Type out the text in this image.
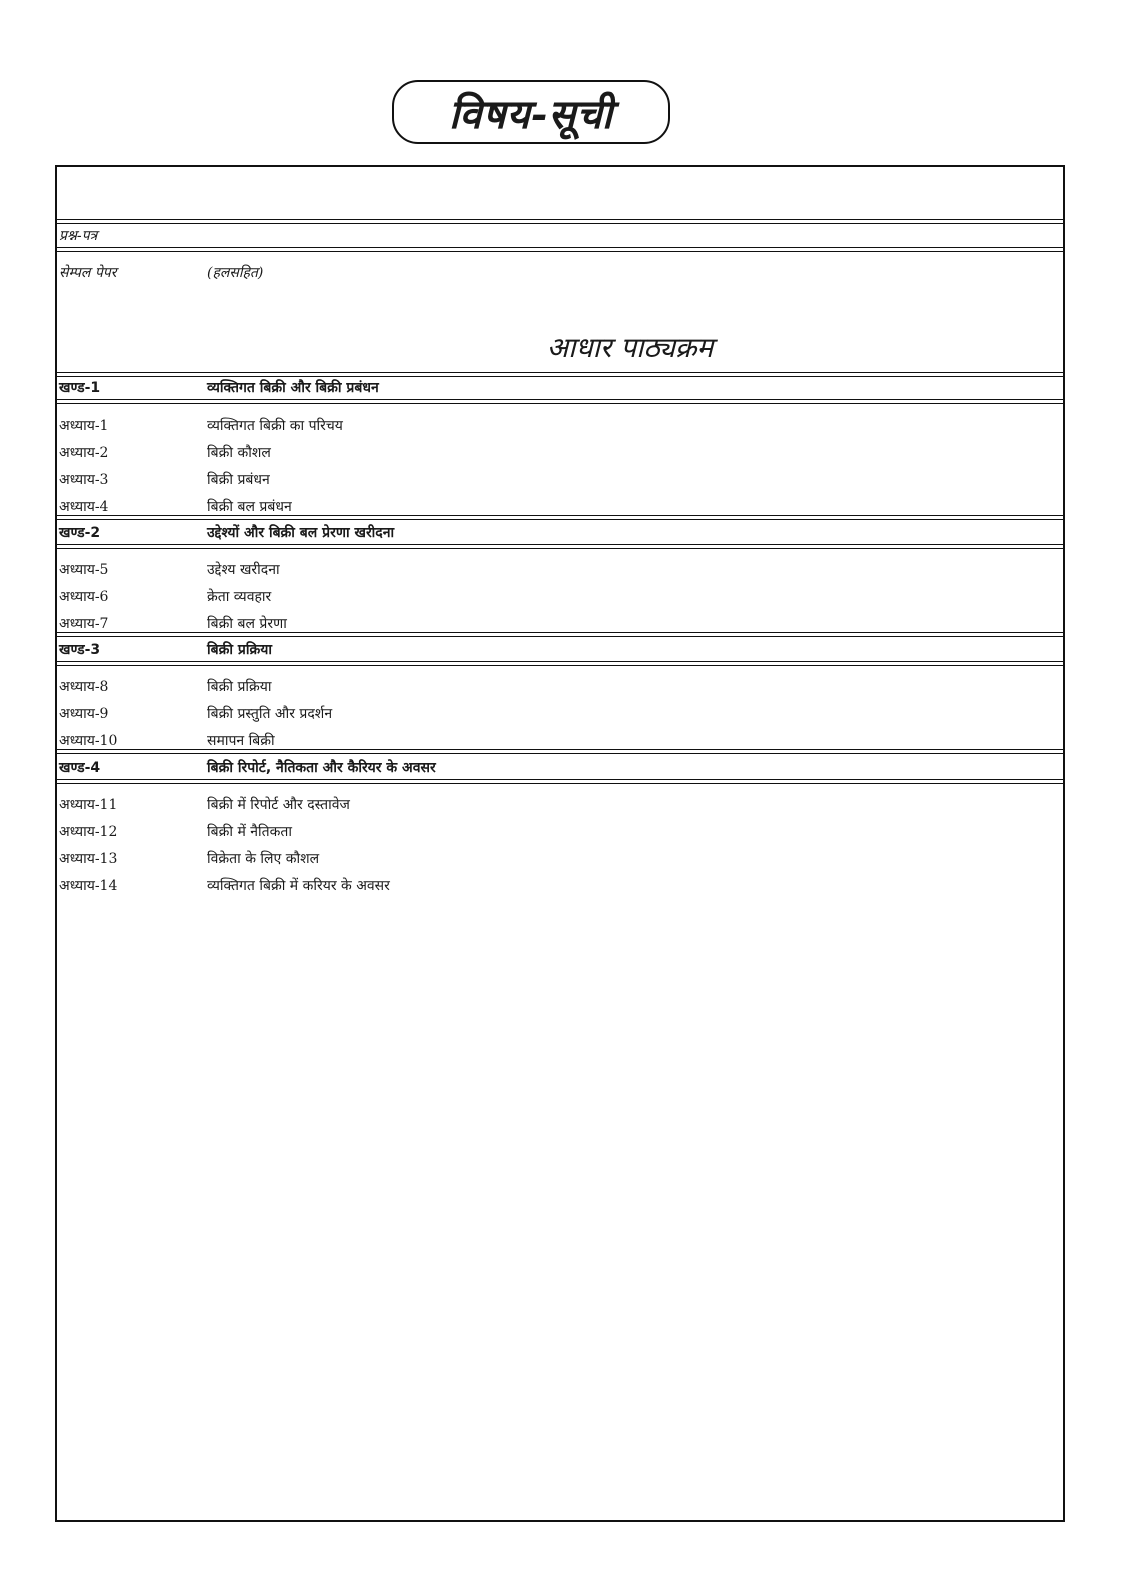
विषय-सूची
प्रश्न-पत्र
सेम्पल पेपर	(हलसहित)
आधार पाठ्यक्रम
खण्ड-1	व्यक्तिगत बिक्री और बिक्री प्रबंधन
अध्याय-1	व्यक्तिगत बिक्री का परिचय
अध्याय-2	बिक्री कौशल
अध्याय-3	बिक्री प्रबंधन
अध्याय-4	बिक्री बल प्रबंधन
खण्ड-2	उद्देश्यों और बिक्री बल प्रेरणा खरीदना
अध्याय-5	उद्देश्य खरीदना
अध्याय-6	क्रेता व्यवहार
अध्याय-7	बिक्री बल प्रेरणा
खण्ड-3	बिक्री प्रक्रिया
अध्याय-8	बिक्री प्रक्रिया
अध्याय-9	बिक्री प्रस्तुति और प्रदर्शन
अध्याय-10	समापन बिक्री
खण्ड-4	बिक्री रिपोर्ट, नैतिकता और कैरियर के अवसर
अध्याय-11	बिक्री में रिपोर्ट और दस्तावेज
अध्याय-12	बिक्री में नैतिकता
अध्याय-13	विक्रेता के लिए कौशल
अध्याय-14	व्यक्तिगत बिक्री में करियर के अवसर
